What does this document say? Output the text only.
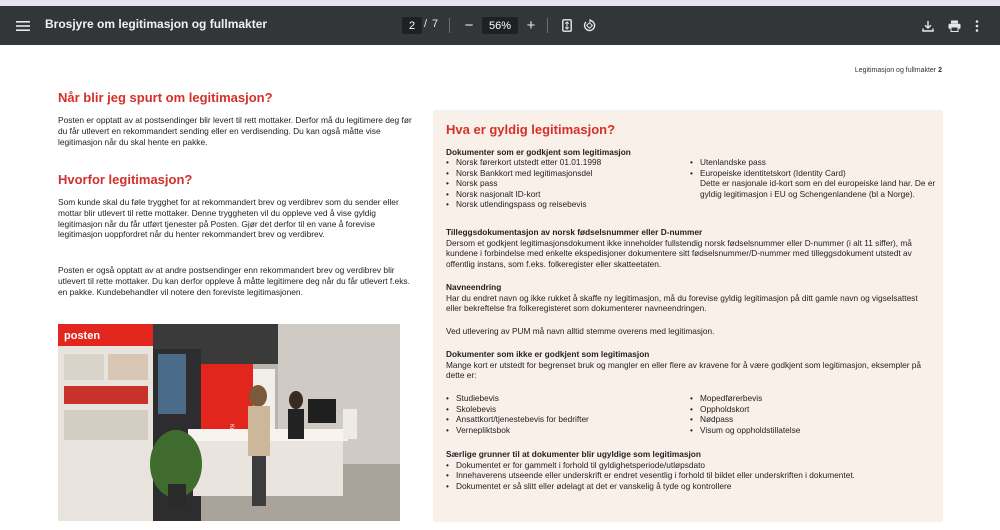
Brosjyre om legitimasjon og fullmakter	2 / 7	−	56%	+
Legitimasjon og fullmakter 2
Når blir jeg spurt om legitimasjon?
Posten er opptatt av at postsendinger blir levert til rett mottaker. Derfor må du legitimere deg før du får utlevert en rekommandert sending eller en verdisending. Du kan også måtte vise legitimasjon når du skal hente en pakke.
Hvorfor legitimasjon?
Som kunde skal du føle trygghet for at rekommandert brev og verdibrev som du sender eller mottar blir utlevert til rette mottaker. Denne tryggheten vil du oppleve ved å vise gyldig legitimasjon når du får utført tjenester på Posten. Gjør det derfor til en vane å forevise legitimasjon uoppfordret når du henter rekommandert brev og verdibrev.
Posten er også opptatt av at andre postsendinger enn rekommandert brev og verdibrev blir utlevert til rette mottaker. Du kan derfor oppleve å måtte legitimere deg når du får utlevert f.eks. en pakke. Kundebehandler vil notere den foreviste legitimasjonen.
posten
Hva er gyldig legitimasjon?
Dokumenter som er godkjent som legitimasjon
• Norsk førerkort utstedt etter 01.01.1998
• Norsk Bankkort med legitimasjonsdel
• Norsk pass
• Norsk nasjonalt ID-kort
• Norsk utlendingspass og reisebevis
• Utenlandske pass
• Europeiske identitetskort (Identity Card)
Dette er nasjonale id-kort som en del europeiske land har. De er gyldig legitimasjon i EU og Schengenlandene (bl a Norge).
Tilleggsdokumentasjon av norsk fødselsnummer eller D-nummer
Dersom et godkjent legitimasjonsdokument ikke inneholder fullstendig norsk fødselsnummer eller D-nummer (i alt 11 siffer), må kundene i forbindelse med enkelte ekspedisjoner dokumentere sitt fødselsnummer/D-nummer med tilleggsdokument utstedt av offentlig instans, som f.eks. folkeregister eller skatteetaten.
Navneendring
Har du endret navn og ikke rukket å skaffe ny legitimasjon, må du forevise gyldig legitimasjon på ditt gamle navn og vigselsattest eller bekreftelse fra folkeregisteret som dokumenterer navneendringen.
Ved utlevering av PUM må navn alltid stemme overens med legitimasjon.
Dokumenter som ikke er godkjent som legitimasjon
Mange kort er utstedt for begrenset bruk og mangler en eller flere av kravene for å være godkjent som legitimasjon, eksempler på dette er:
• Studiebevis
• Skolebevis
• Ansattkort/tjenestebevis for bedrifter
• Vernepliktsbok
• Mopedførerbevis
• Oppholdskort
• Nødpass
• Visum og oppholdstillatelse
Særlige grunner til at dokumenter blir ugyldige som legitimasjon
• Dokumentet er for gammelt i forhold til gyldighetsperiode/utløpsdato
• Innehaverens utseende eller underskrift er endret vesentlig i forhold til bildet eller underskriften i dokumentet.
• Dokumentet er så slitt eller ødelagt at det er vanskelig å tyde og kontrollere
